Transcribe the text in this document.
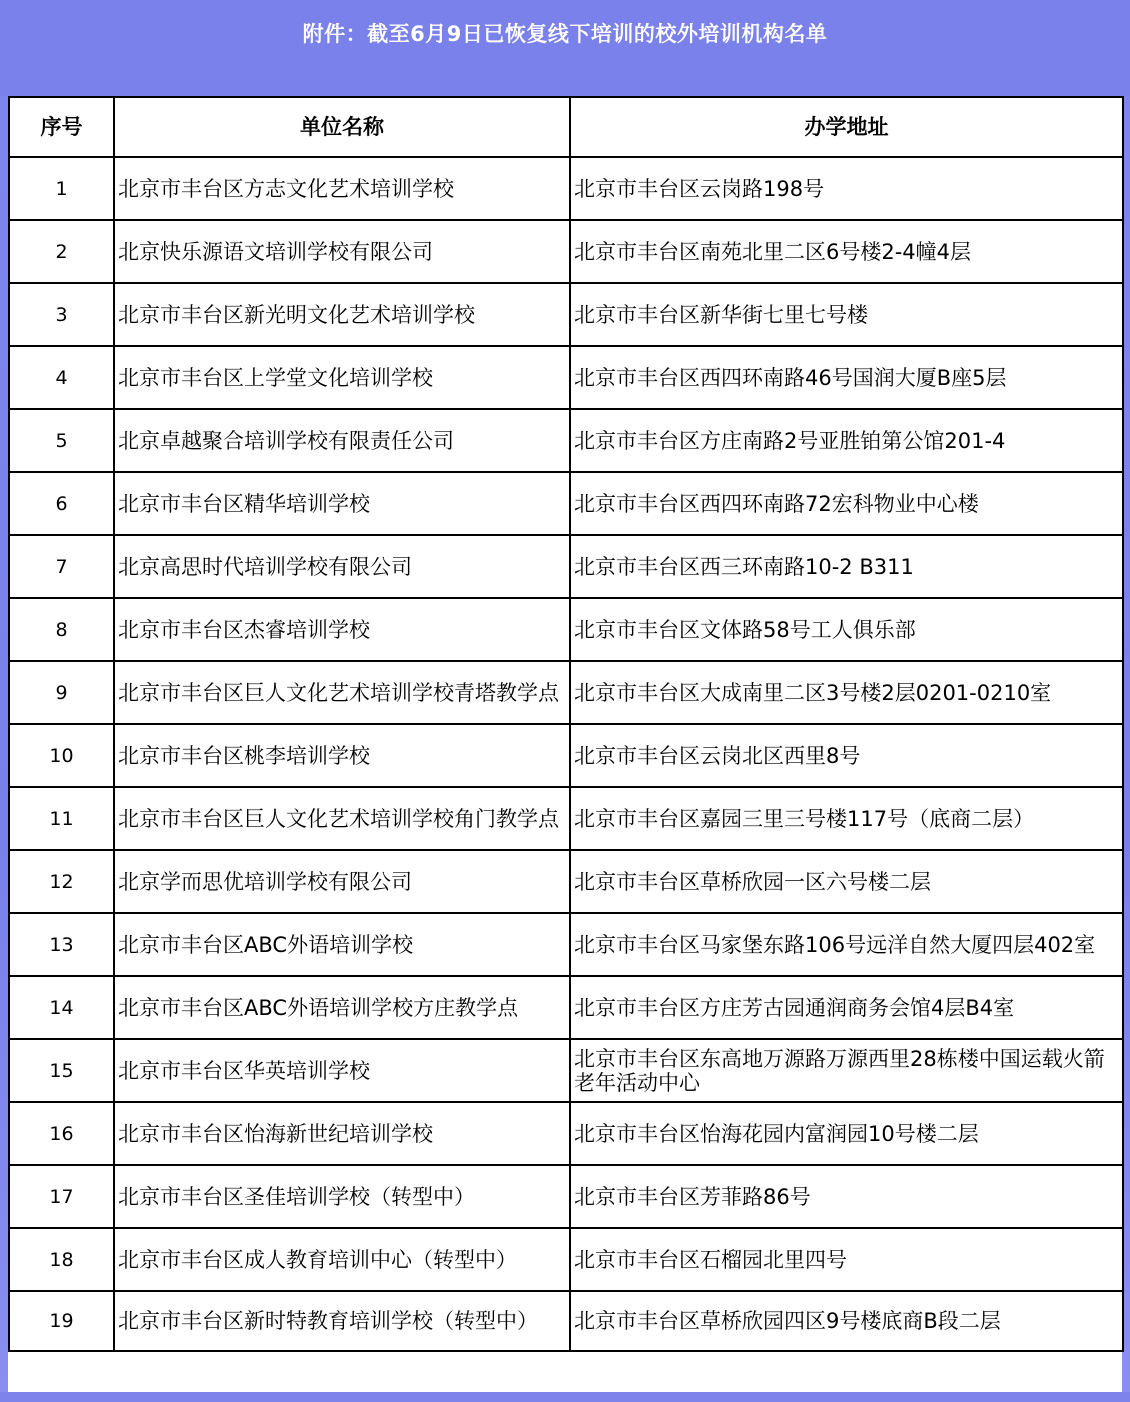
附件：截至6月9日已恢复线下培训的校外培训机构名单
序号	单位名称	办学地址
1	北京市丰台区方志文化艺术培训学校	北京市丰台区云岗路198号
2	北京快乐源语文培训学校有限公司	北京市丰台区南苑北里二区6号楼2-4幢4层
3	北京市丰台区新光明文化艺术培训学校	北京市丰台区新华街七里七号楼
4	北京市丰台区上学堂文化培训学校	北京市丰台区西四环南路46号国润大厦B座5层
5	北京卓越聚合培训学校有限责任公司	北京市丰台区方庄南路2号亚胜铂第公馆201-4
6	北京市丰台区精华培训学校	北京市丰台区西四环南路72宏科物业中心楼
7	北京高思时代培训学校有限公司	北京市丰台区西三环南路10-2 B311
8	北京市丰台区杰睿培训学校	北京市丰台区文体路58号工人俱乐部
9	北京市丰台区巨人文化艺术培训学校青塔教学点	北京市丰台区大成南里二区3号楼2层0201-0210室
10	北京市丰台区桃李培训学校	北京市丰台区云岗北区西里8号
11	北京市丰台区巨人文化艺术培训学校角门教学点	北京市丰台区嘉园三里三号楼117号（底商二层）
12	北京学而思优培训学校有限公司	北京市丰台区草桥欣园一区六号楼二层
13	北京市丰台区ABC外语培训学校	北京市丰台区马家堡东路106号远洋自然大厦四层402室
14	北京市丰台区ABC外语培训学校方庄教学点	北京市丰台区方庄芳古园通润商务会馆4层B4室
15	北京市丰台区华英培训学校	北京市丰台区东高地万源路万源西里28栋楼中国运载火箭老年活动中心
16	北京市丰台区怡海新世纪培训学校	北京市丰台区怡海花园内富润园10号楼二层
17	北京市丰台区圣佳培训学校（转型中）	北京市丰台区芳菲路86号
18	北京市丰台区成人教育培训中心（转型中）	北京市丰台区石榴园北里四号
19	北京市丰台区新时特教育培训学校（转型中）	北京市丰台区草桥欣园四区9号楼底商B段二层
